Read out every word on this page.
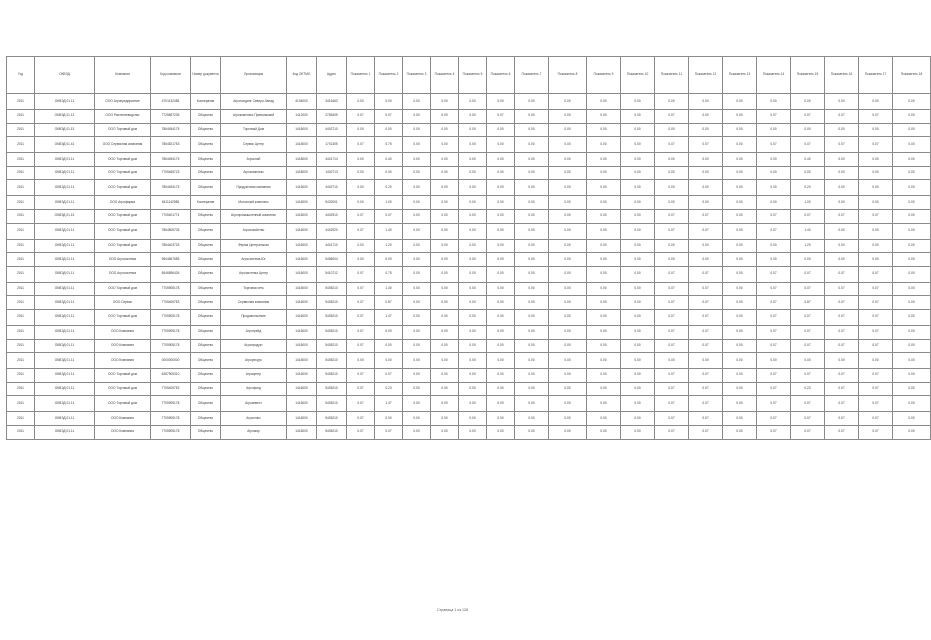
Год	ОКВЭД	Компания	Код компании	Номер документа	Организация	Код ОКТМО	Адрес	Показатель 1	Показатель 2	Показатель 3	Показатель 4	Показатель 5	Показатель 6	Показатель 7	Показатель 8	Показатель 9	Показатель 10	Показатель 11	Показатель 12	Показатель 13	Показатель 14	Показатель 15	Показатель 16	Показатель 17	Показатель 18
2011	ОКВЭД 01.11	ООО Агропредприятие	4701132455	Кооператив	Агрохолдинг Северо-Запад	4104000	3416463	0.00	0.00	0.00	0.00	0.00	0.00	0.00	0.00	0.00	0.00	0.00	0.00	0.00	0.00	0.00	0.00	0.00	0.00
2011	ОКВЭД 01.12	ООО Растениеводство	7725897235	Общество	Агрокомплекс Приволжский	1412000	2783409	0.07	0.07	0.00	0.00	0.00	0.07	0.00	0.00	0.00	0.00	0.07	0.00	0.00	0.07	0.07	0.07	0.07	0.00
2011	ОКВЭД 01.13	ООО Торговый дом	7864454175	Общество	Торговый Дом	1416000	4402710	0.00	0.00	0.00	0.00	0.00	0.00	0.00	0.00	0.00	0.00	0.00	0.00	0.00	0.00	0.00	0.00	0.00	0.00
2011	ОКВЭД 01.41	ООО Сервисная компания	7864521753	Общество	Сервис Центр	1416000	1701305	0.07	0.75	0.00	0.00	0.00	0.00	0.00	0.00	0.00	0.00	0.07	0.07	0.00	0.07	0.07	0.07	0.07	0.00
2011	ОКВЭД 01.11	ООО Торговый дом	7864454175	Общество	Агроснаб	1418000	4401714	0.00	0.40	0.00	0.00	0.00	0.00	0.00	0.00	0.00	0.00	0.00	0.00	0.00	0.00	0.40	0.00	0.00	0.00
2011	ОКВЭД 01.11	ООО Торговый дом	7705465723	Общество	Агрокомплекс	1418000	1402713	0.00	0.00	0.00	0.00	0.00	0.00	0.00	0.00	0.00	0.00	0.00	0.00	0.00	0.00	0.00	0.00	0.00	0.00
2011	ОКВЭД 01.11	ООО Торговый дом	7864454175	Общество	Продуктовая компания	1416000	4402710	0.00	0.20	0.00	0.00	0.00	0.00	0.00	0.00	0.00	0.00	0.00	0.00	0.00	0.00	0.20	0.00	0.00	0.00
2011	ОКВЭД 01.11	ООО Агрофирма	5411142985	Кооператив	Молочный комплекс	1416000	5432001	0.00	1.00	0.00	0.00	0.00	0.00	0.00	0.00	0.00	0.00	0.00	0.00	0.00	0.00	1.00	0.00	0.00	0.00
2011	ОКВЭД 01.13	ООО Торговый дом	7705401774	Общество	Агропромышленный комплекс	1416000	4402910	0.07	0.07	0.00	0.00	0.00	0.00	0.00	0.00	0.00	0.00	0.07	0.07	0.00	0.07	0.07	0.07	0.07	0.00
2011	ОКВЭД 01.11	ООО Торговый дом	7864505705	Общество	Агрохозяйство	1416000	4402920	0.07	1.40	0.00	0.00	0.00	0.00	0.00	0.00	0.00	0.00	0.07	0.07	0.00	0.07	1.40	0.00	0.00	0.00
2011	ОКВЭД 01.11	ООО Торговый дом	7864403725	Общество	Ферма Центральная	1416000	4401710	0.00	1.20	0.00	0.00	0.00	0.00	0.00	0.00	0.00	0.00	0.00	0.00	0.00	0.00	1.20	0.00	0.00	0.00
2011	ОКВЭД 01.11	ООО Агросистема	9844667685	Общество	Агросистема Юг	1416000	5456004	0.00	0.00	0.00	0.00	0.00	0.00	0.00	0.00	0.00	0.00	0.00	0.00	0.00	0.00	0.00	0.00	0.00	0.00
2011	ОКВЭД 01.11	ООО Агросистема	6546896426	Общество	Агросистема Центр	1416000	5410712	0.07	0.75	0.00	0.00	0.00	0.00	0.00	0.00	0.00	0.00	0.07	0.07	0.00	0.07	0.07	0.07	0.07	0.00
2011	ОКВЭД 01.11	ООО Торговый дом	7705905178	Общество	Торговая сеть	1416000	5405210	0.07	1.40	0.00	0.00	0.00	0.00	0.00	0.00	0.00	0.00	0.07	0.07	0.00	0.07	0.07	0.07	0.07	0.00
2011	ОКВЭД 01.11	ООО Сервис	7705405753	Общество	Сервисная компания	1416000	5405210	0.07	0.87	0.00	0.00	0.00	0.00	0.00	0.00	0.00	0.00	0.07	0.07	0.00	0.07	0.87	0.07	0.07	0.00
2011	ОКВЭД 01.11	ООО Торговый дом	7705905178	Общество	Продовольствие	1416000	5405210	0.07	1.47	0.00	0.00	0.00	0.00	0.00	0.00	0.00	0.00	0.07	0.07	0.00	0.07	0.07	0.07	0.07	0.00
2011	ОКВЭД 01.11	ООО Компания	7705905178	Общество	Агротрейд	1416000	5405210	0.07	0.00	0.00	0.00	0.00	0.00	0.00	0.00	0.00	0.00	0.07	0.07	0.00	0.07	0.07	0.07	0.07	0.00
2011	ОКВЭД 01.11	ООО Компания	7705905178	Общество	Агропродукт	1416000	5405210	0.07	0.00	0.00	0.00	0.00	0.00	0.00	0.00	0.00	0.00	0.07	0.07	0.00	0.07	0.07	0.07	0.07	0.00
2011	ОКВЭД 01.11	ООО Компания	0000000000	Общество	Агроресурс	1416000	5405210	0.00	0.00	0.00	0.00	0.00	0.00	0.00	0.00	0.00	0.00	0.00	0.00	0.00	0.00	0.00	0.00	0.00	0.00
2011	ОКВЭД 01.11	ООО Торговый дом	6287905310	Общество	Агроцентр	1416000	5405210	0.07	0.07	0.00	0.00	0.00	0.00	0.00	0.00	0.00	0.00	0.07	0.07	0.00	0.07	0.07	0.07	0.07	0.00
2011	ОКВЭД 01.11	ООО Торговый дом	7705405753	Общество	Агрофонд	1416000	5405210	0.07	0.23	0.00	0.00	0.00	0.00	0.00	0.00	0.00	0.00	0.07	0.07	0.00	0.07	0.23	0.07	0.07	0.00
2011	ОКВЭД 01.11	ООО Торговый дом	7705905178	Общество	Агроинвест	1416000	5405210	0.07	1.47	0.00	0.00	0.00	0.00	0.00	0.00	0.00	0.00	0.07	0.07	0.00	0.07	0.07	0.07	0.07	0.00
2011	ОКВЭД 01.11	ООО Компания	7705905178	Общество	Агроплюс	1416000	5405210	0.07	0.00	0.00	0.00	0.00	0.00	0.00	0.00	0.00	0.00	0.07	0.07	0.00	0.07	0.07	0.07	0.07	0.00
2011	ОКВЭД 01.11	ООО Компания	7705905178	Общество	Агромир	1416000	5405210	0.07	0.07	0.00	0.00	0.00	0.00	0.00	0.00	0.00	0.00	0.07	0.07	0.00	0.07	0.07	0.07	0.07	0.00
Страница 1 из 128
